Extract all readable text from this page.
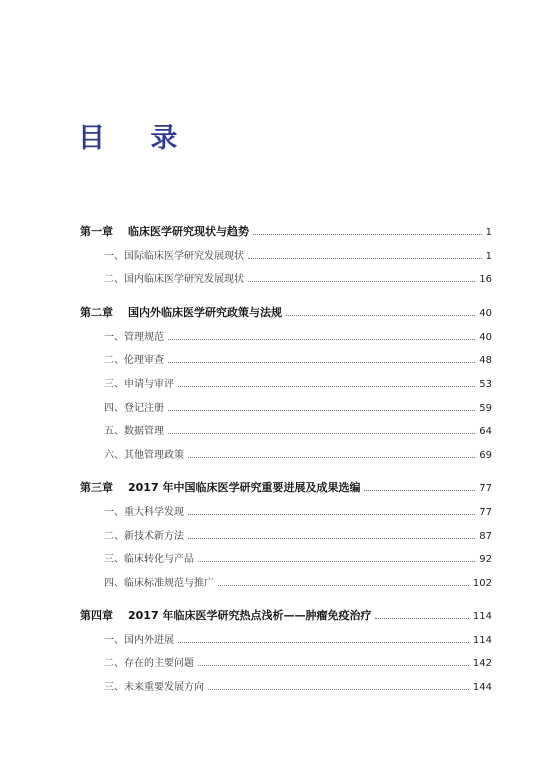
目 录
第一章	临床医学研究现状与趋势	1
一、 国际临床医学研究发展现状	1
二、 国内临床医学研究发展现状	16
第二章	国内外临床医学研究政策与法规	40
一、 管理规范	40
二、 伦理审查	48
三、 申请与审评	53
四、 登记注册	59
五、 数据管理	64
六、 其他管理政策	69
第三章	2017 年中国临床医学研究重要进展及成果选编	77
一、 重大科学发现	77
二、 新技术新方法	87
三、 临床转化与产品	92
四、 临床标准规范与推广	102
第四章	2017 年临床医学研究热点浅析——肿瘤免疫治疗	114
一、 国内外进展	114
二、 存在的主要问题	142
三、 未来重要发展方向	144
